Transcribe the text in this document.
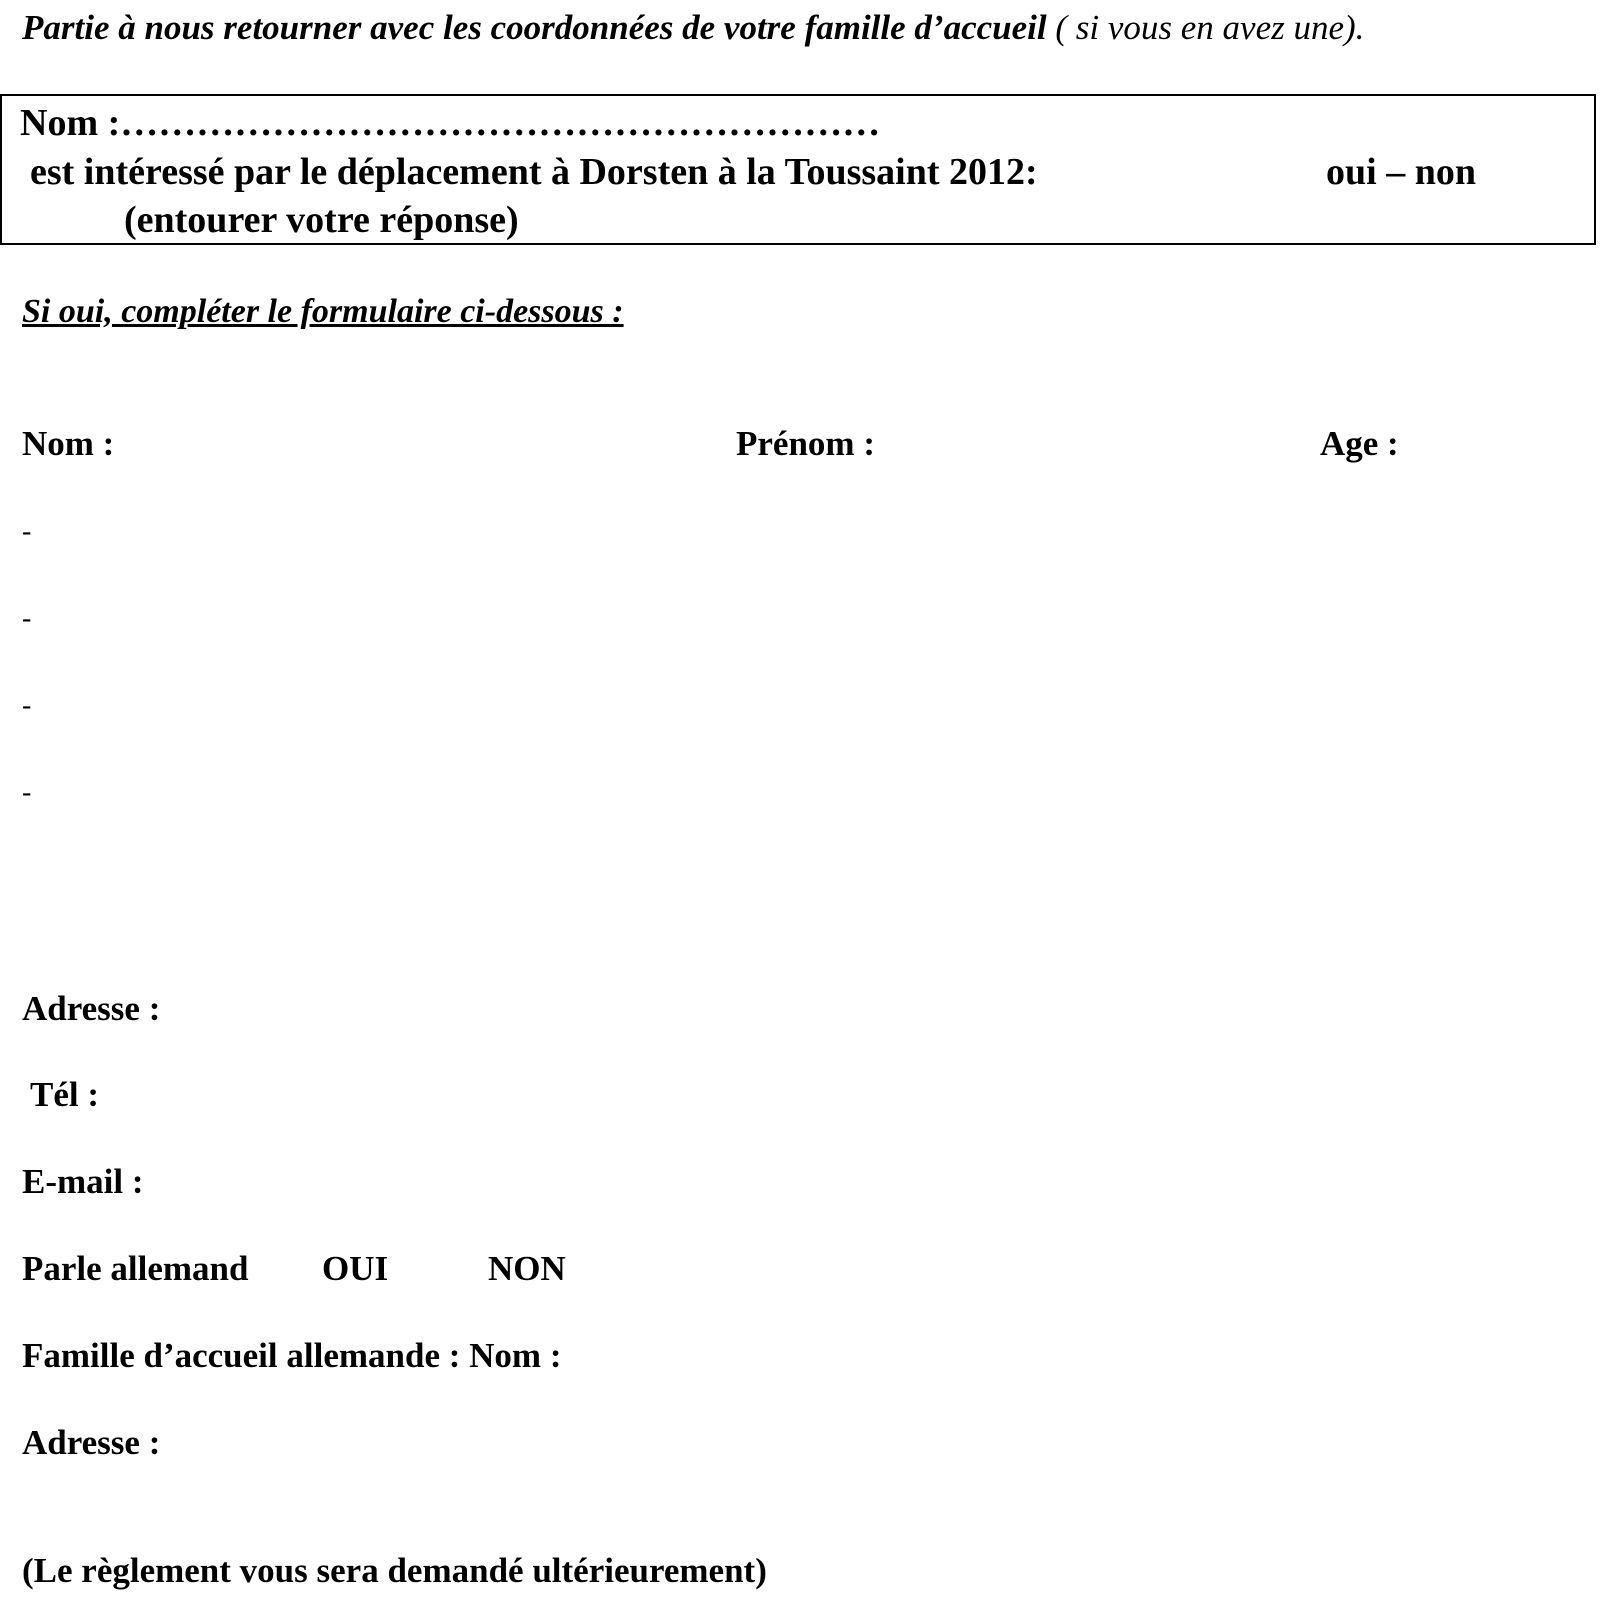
Partie à nous retourner avec les coordonnées de votre famille d’accueil ( si vous en avez une).
Nom :……………………………………………………
est intéressé par le déplacement à Dorsten à la Toussaint 2012:	oui – non
(entourer votre réponse)
Si oui, compléter le formulaire ci-dessous :
Nom :	Prénom :	Age :
-
-
-
-
Adresse :
Tél :
E-mail :
Parle allemand OUI	NON
Famille d’accueil allemande : Nom :
Adresse :
(Le règlement vous sera demandé ultérieurement)
